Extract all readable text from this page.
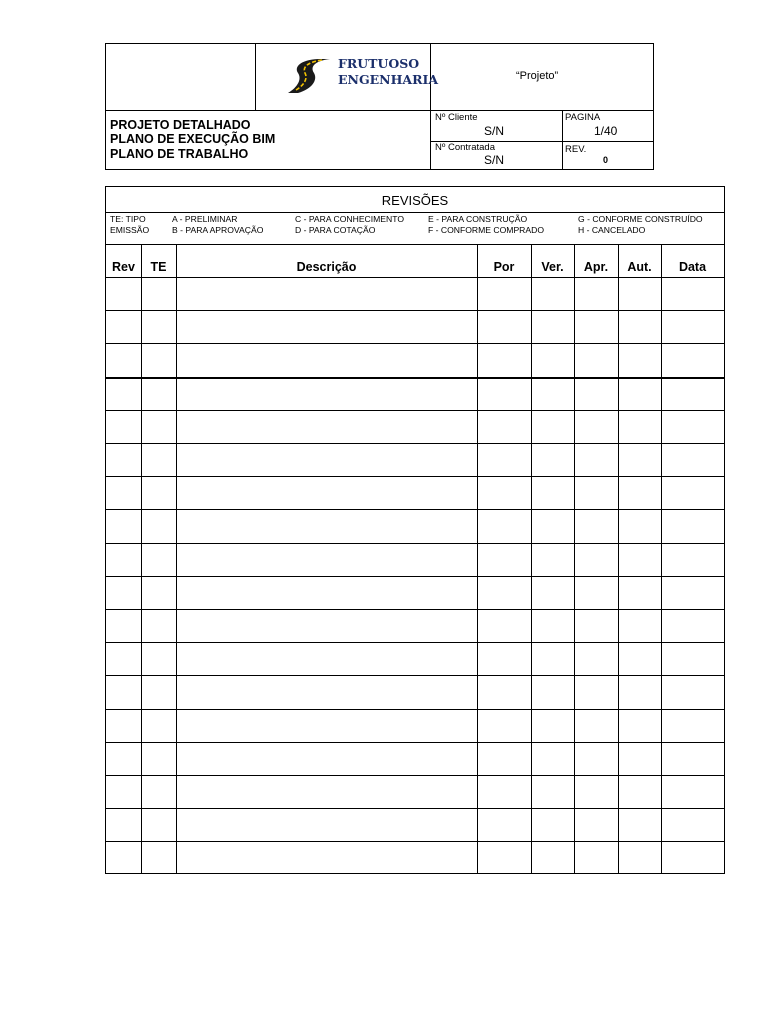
FRUTUOSO
ENGENHARIA	“Projeto”
PROJETO DETALHADO
PLANO DE EXECUÇÃO BIM
PLANO DE TRABALHO
Nº Cliente
S/N
Nº Contratada
S/N
PAGINA
1/40
REV.
0
REVISÕES
TE: TIPO
EMISSÃO
A - PRELIMINAR
B - PARA APROVAÇÃO
C - PARA CONHECIMENTO
D - PARA COTAÇÃO
E - PARA CONSTRUÇÃO
F - CONFORME COMPRADO
G - CONFORME CONSTRUÍDO
H - CANCELADO
Rev	TE	Descrição	Por	Ver.	Apr.	Aut.	Data
